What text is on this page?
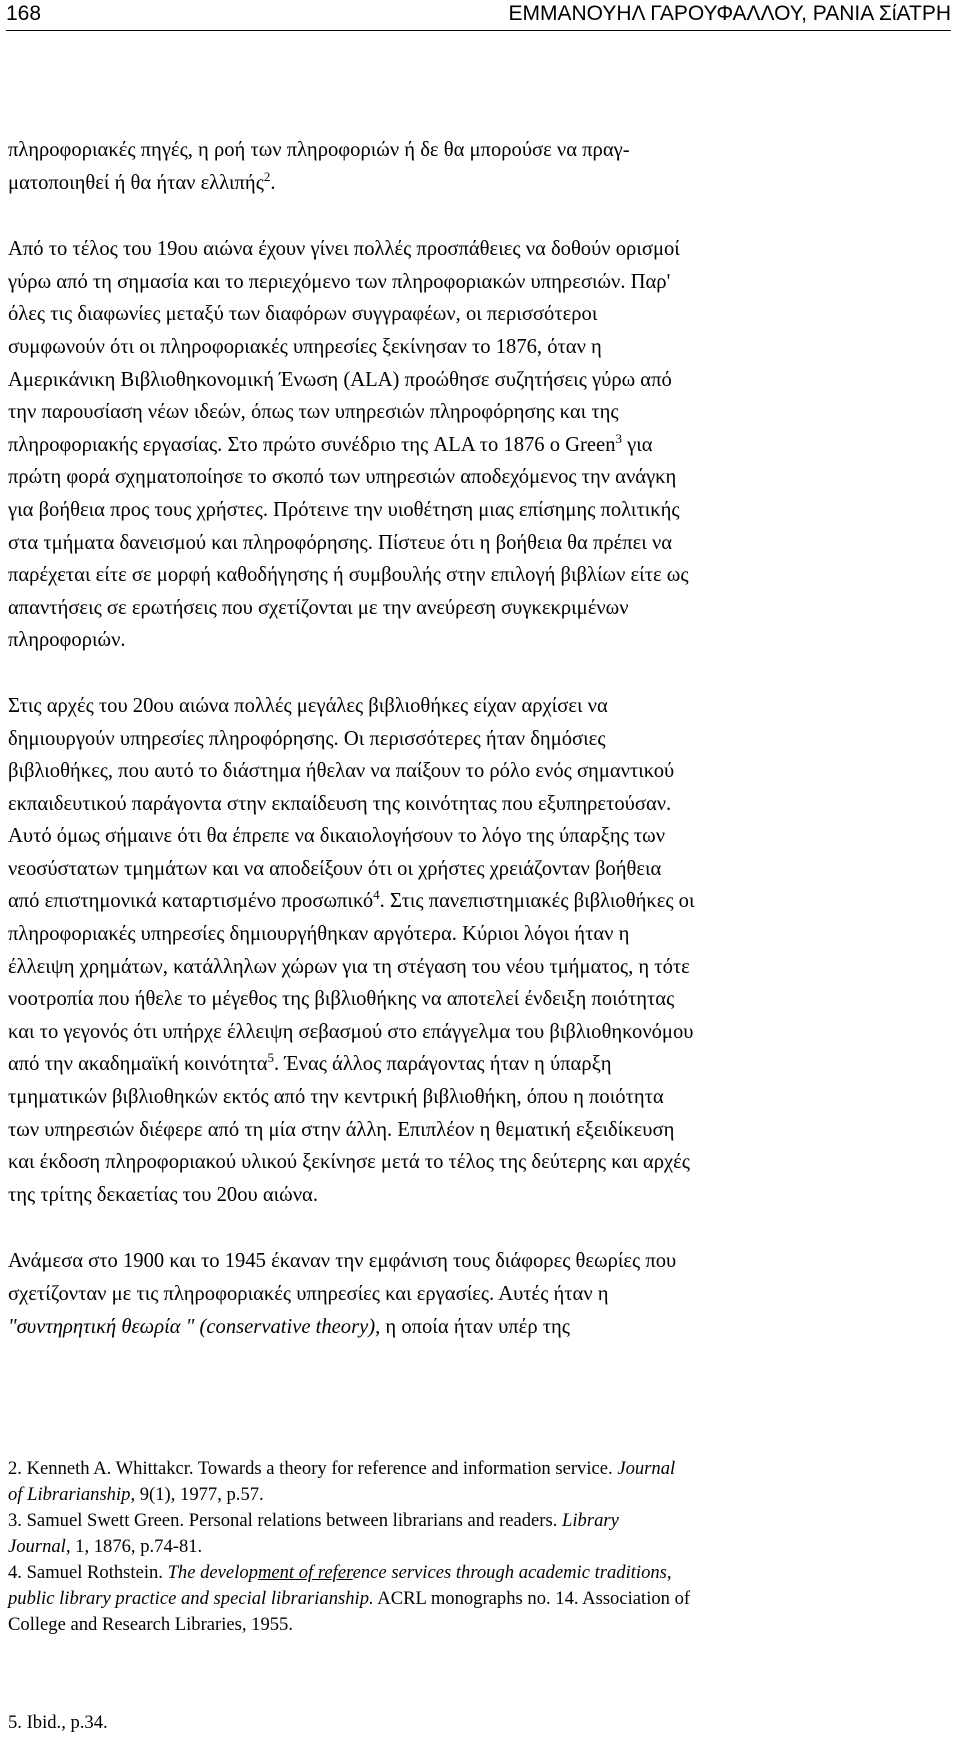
168	ΕΜΜΑΝΟΥΗΛ ΓΑΡΟΥΦΑΛΛΟΥ, ΡΑΝΙΑ ΣίΑΤΡΗ

πληροφοριακές πηγές, η ροή των πληροφοριών ή δε θα μπορούσε να πραγ-
ματοποιηθεί ή θα ήταν ελλιπής$^2$.

Από το τέλος του 19ου αιώνα έχουν γίνει πολλές προσπάθειες να δοθούν ορισμοί
γύρω από τη σημασία και το περιεχόμενο των πληροφοριακών υπηρεσιών. Παρ'
όλες τις διαφωνίες μεταξύ των διαφόρων συγγραφέων, οι περισσότεροι
συμφωνούν ότι οι πληροφοριακές υπηρεσίες ξεκίνησαν το 1876, όταν η
Αμερικάνικη Βιβλιοθηκονομική Ένωση (ALA) προώθησε συζητήσεις γύρω από
την παρουσίαση νέων ιδεών, όπως των υπηρεσιών πληροφόρησης και της
πληροφοριακής εργασίας. Στο πρώτο συνέδριο της ALA το 1876 ο Green$^3$ για
πρώτη φορά σχηματοποίησε το σκοπό των υπηρεσιών αποδεχόμενος την ανάγκη
για βοήθεια προς τους χρήστες. Πρότεινε την υιοθέτηση μιας επίσημης πολιτικής
στα τμήματα δανεισμού και πληροφόρησης. Πίστευε ότι η βοήθεια θα πρέπει να
παρέχεται είτε σε μορφή καθοδήγησης ή συμβουλής στην επιλογή βιβλίων είτε ως
απαντήσεις σε ερωτήσεις που σχετίζονται με την ανεύρεση συγκεκριμένων
πληροφοριών.

Στις αρχές του 20ου αιώνα πολλές μεγάλες βιβλιοθήκες είχαν αρχίσει να
δημιουργούν υπηρεσίες πληροφόρησης. Οι περισσότερες ήταν δημόσιες
βιβλιοθήκες, που αυτό το διάστημα ήθελαν να παίξουν το ρόλο ενός σημαντικού
εκπαιδευτικού παράγοντα στην εκπαίδευση της κοινότητας που εξυπηρετούσαν.
Αυτό όμως σήμαινε ότι θα έπρεπε να δικαιολογήσουν το λόγο της ύπαρξης των
νεοσύστατων τμημάτων και να αποδείξουν ότι οι χρήστες χρειάζονταν βοήθεια
από επιστημονικά καταρτισμένο προσωπικό$^4$. Στις πανεπιστημιακές βιβλιοθήκες οι
πληροφοριακές υπηρεσίες δημιουργήθηκαν αργότερα. Κύριοι λόγοι ήταν η
έλλειψη χρημάτων, κατάλληλων χώρων για τη στέγαση του νέου τμήματος, η τότε
νοοτροπία που ήθελε το μέγεθος της βιβλιοθήκης να αποτελεί ένδειξη ποιότητας
και το γεγονός ότι υπήρχε έλλειψη σεβασμού στο επάγγελμα του βιβλιοθηκονόμου
από την ακαδημαϊκή κοινότητα$^5$. Ένας άλλος παράγοντας ήταν η ύπαρξη
τμηματικών βιβλιοθηκών εκτός από την κεντρική βιβλιοθήκη, όπου η ποιότητα
των υπηρεσιών διέφερε από τη μία στην άλλη. Επιπλέον η θεματική εξειδίκευση
και έκδοση πληροφοριακού υλικού ξεκίνησε μετά το τέλος της δεύτερης και αρχές
της τρίτης δεκαετίας του 20ου αιώνα.

Ανάμεσα στο 1900 και το 1945 έκαναν την εμφάνιση τους διάφορες θεωρίες που
σχετίζονταν με τις πληροφοριακές υπηρεσίες και εργασίες. Αυτές ήταν η
"συντηρητική θεωρία " (conservative theory), η οποία ήταν υπέρ της

2. Kenneth A. Whittakcr. Towards a theory for reference and information service. Journal
of Librarianship, 9(1), 1977, p.57.
3. Samuel Swett Green. Personal relations between librarians and readers. Library
Journal, 1, 1876, p.74-81.
4. Samuel Rothstein. The development of reference services through academic traditions,
public library practice and special librarianship. ACRL monographs no. 14. Association of
College and Research Libraries, 1955.
5. Ibid., p.34.
